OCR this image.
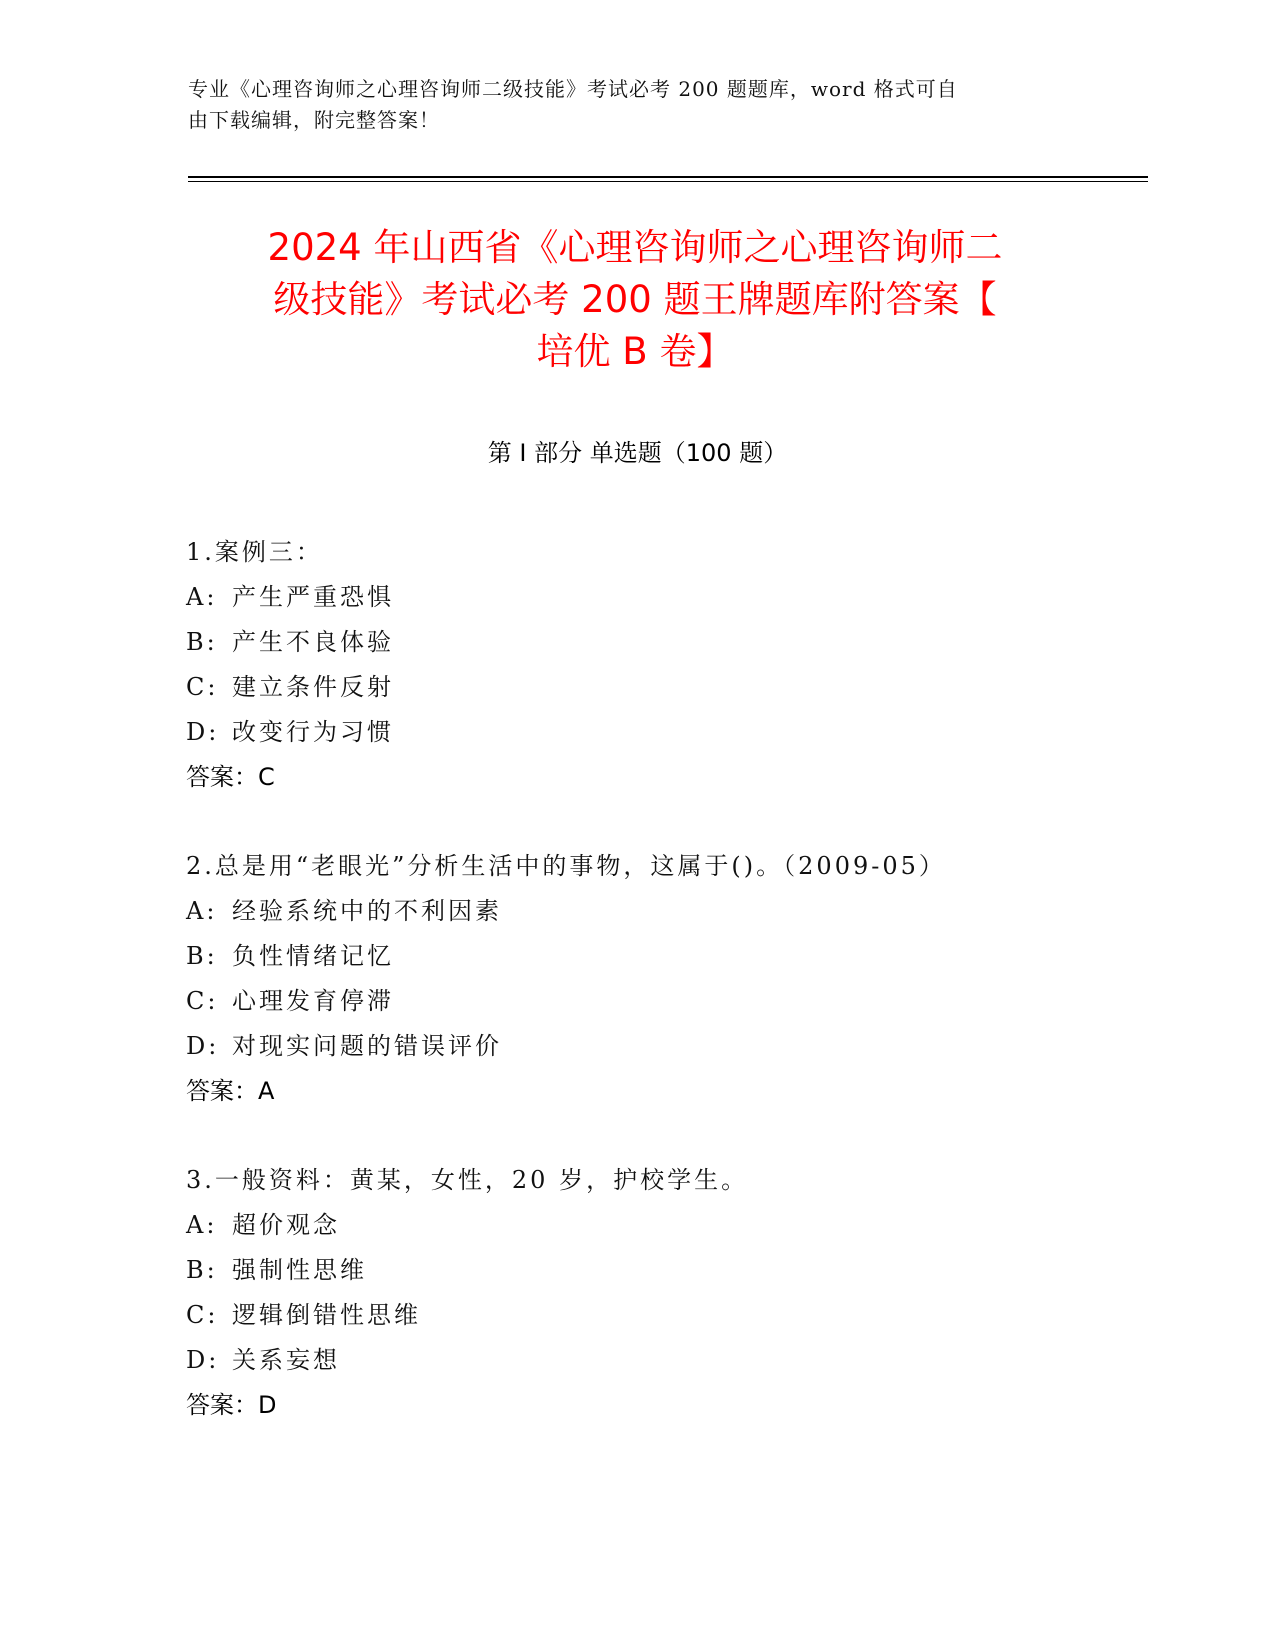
专业《心理咨询师之心理咨询师二级技能》考试必考 200 题题库，word 格式可自
由下载编辑，附完整答案！
2024 年山西省《心理咨询师之心理咨询师二
级技能》考试必考 200 题王牌题库附答案【
培优 B 卷】
第 I 部分 单选题（100 题）
1.案例三：
A: 产生严重恐惧
B: 产生不良体验
C: 建立条件反射
D: 改变行为习惯
答案：C
2.总是用“老眼光”分析生活中的事物，这属于()。（2009-05）
A: 经验系统中的不利因素
B: 负性情绪记忆
C: 心理发育停滞
D: 对现实问题的错误评价
答案：A
3.一般资料：黄某，女性，20 岁，护校学生。
A: 超价观念
B: 强制性思维
C: 逻辑倒错性思维
D: 关系妄想
答案：D
